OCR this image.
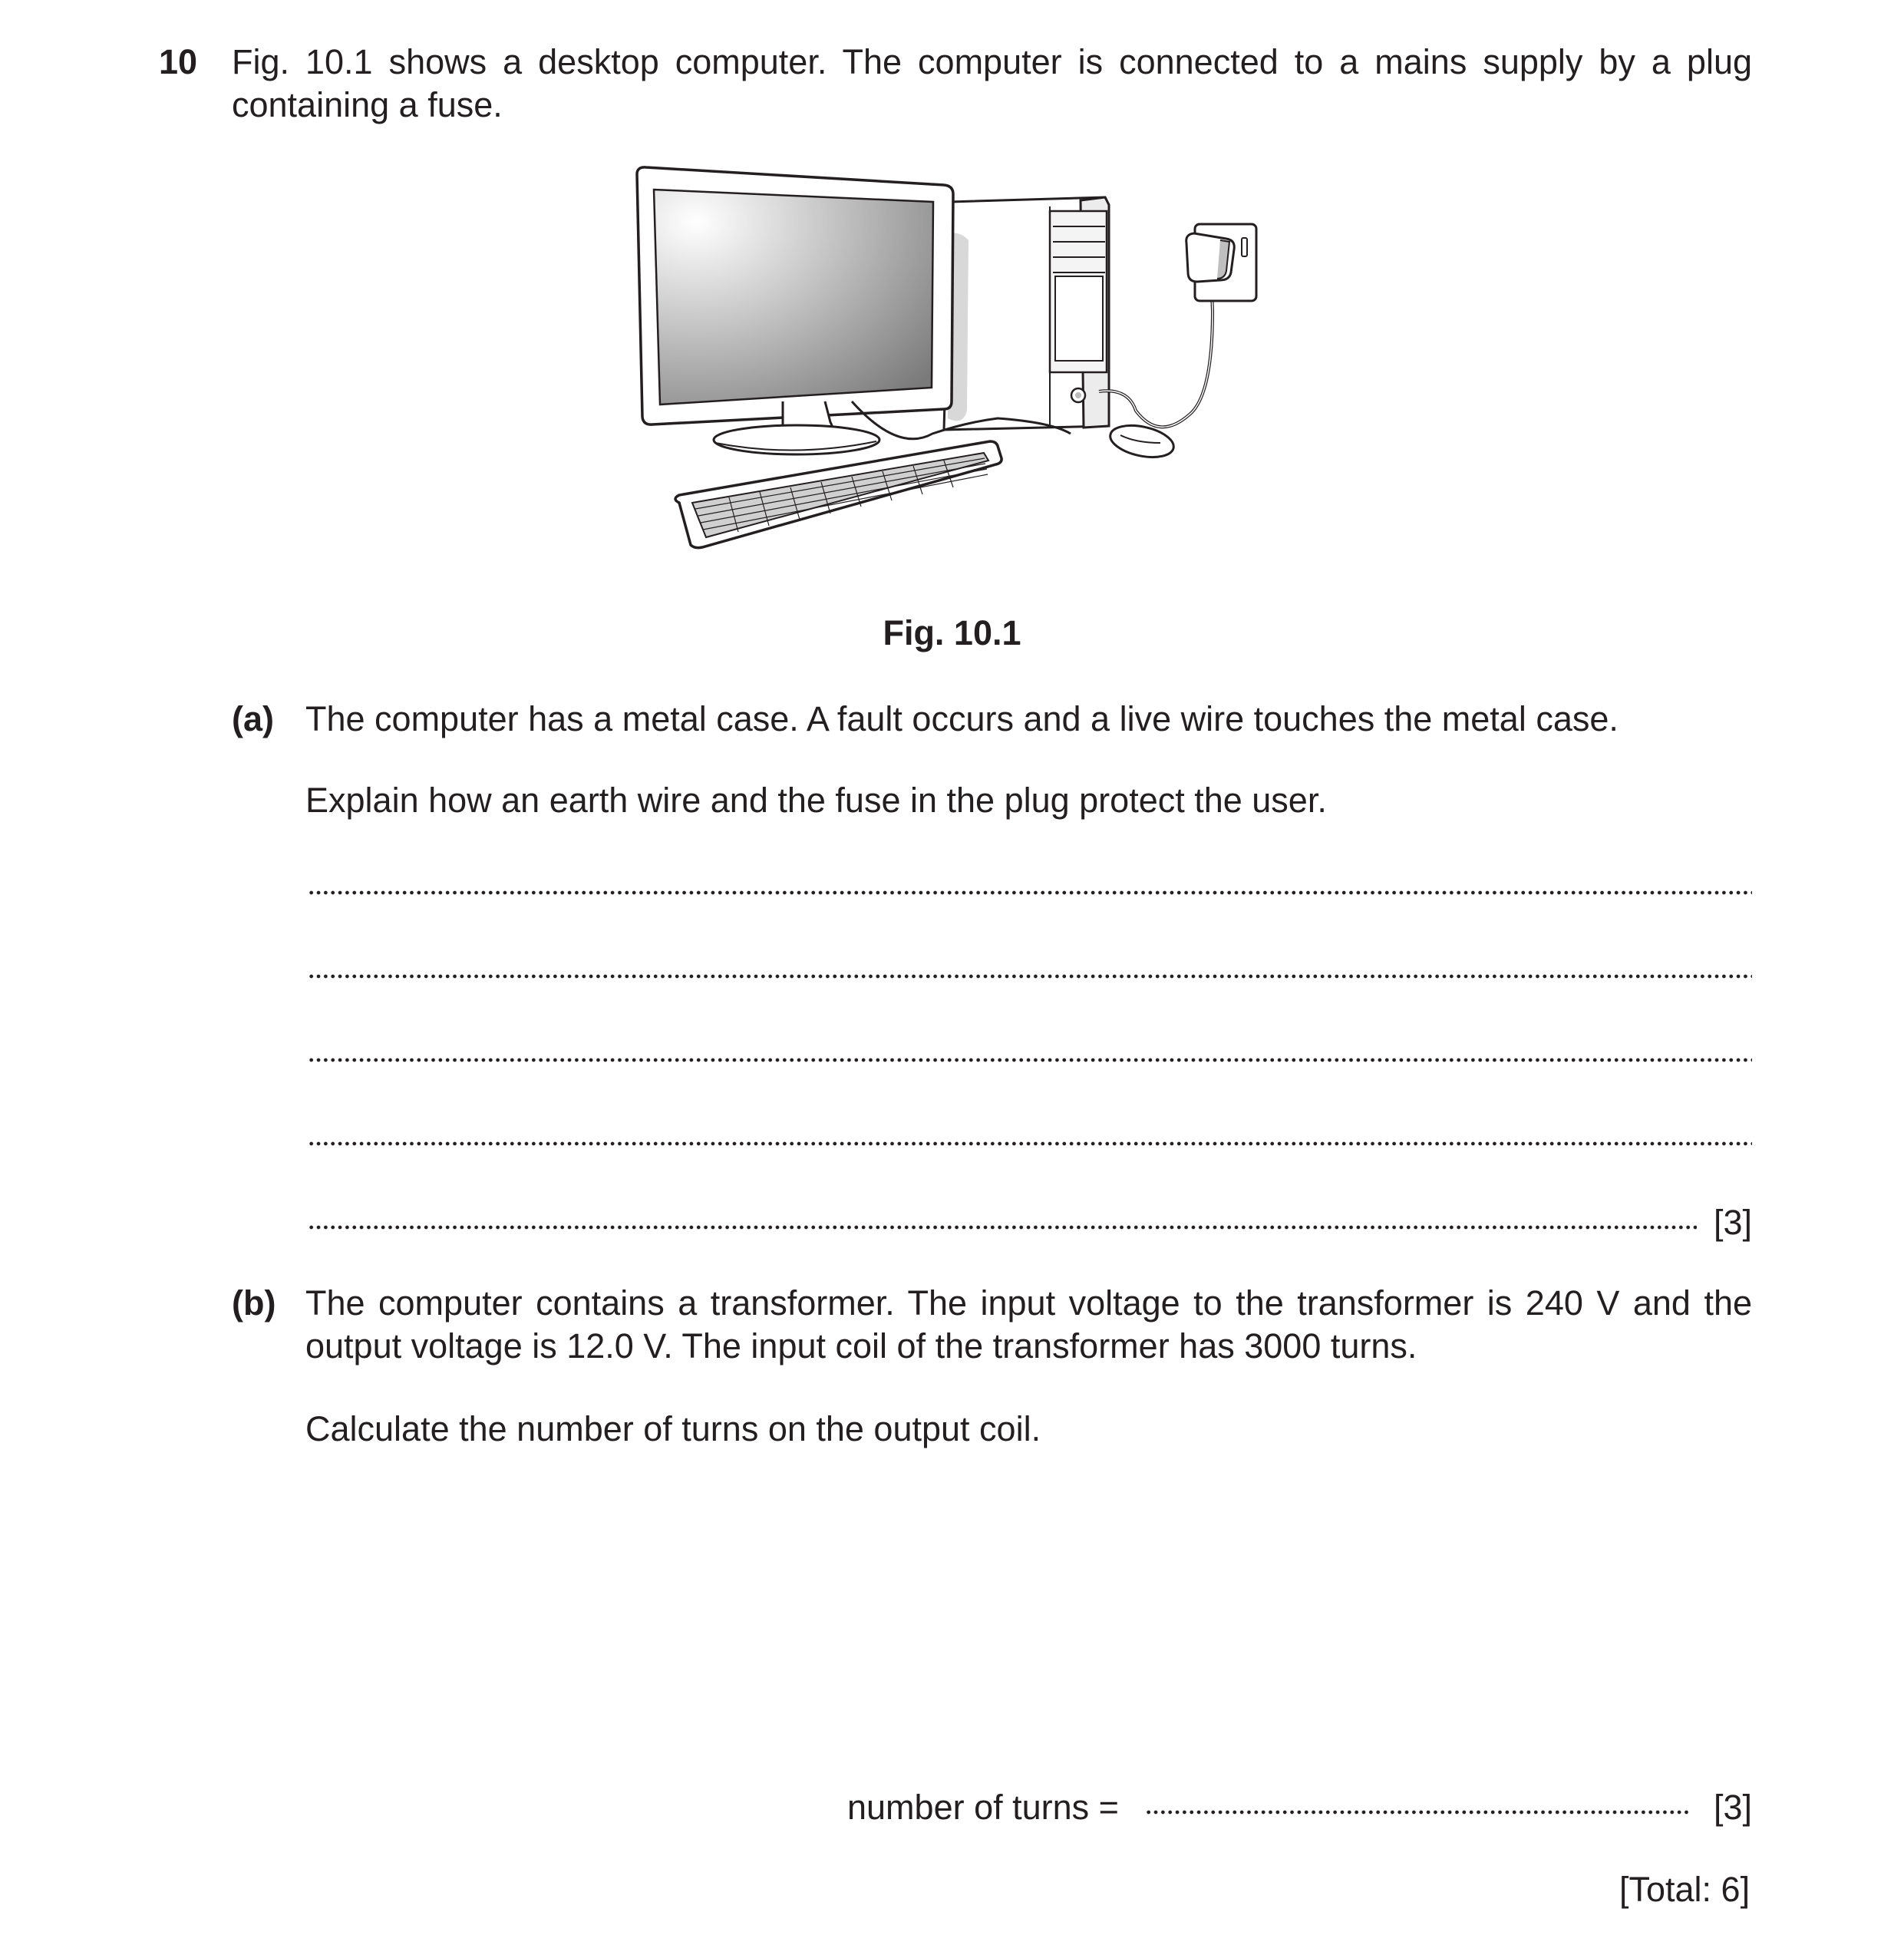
10 Fig. 10.1 shows a desktop computer. The computer is connected to a mains supply by a plug containing a fuse.
Fig. 10.1
(a) The computer has a metal case. A fault occurs and a live wire touches the metal case.
Explain how an earth wire and the fuse in the plug protect the user.
[3]
(b) The computer contains a transformer. The input voltage to the transformer is 240 V and the output voltage is 12.0 V. The input coil of the transformer has 3000 turns.
Calculate the number of turns on the output coil.
number of turns =	[3]
[Total: 6]
